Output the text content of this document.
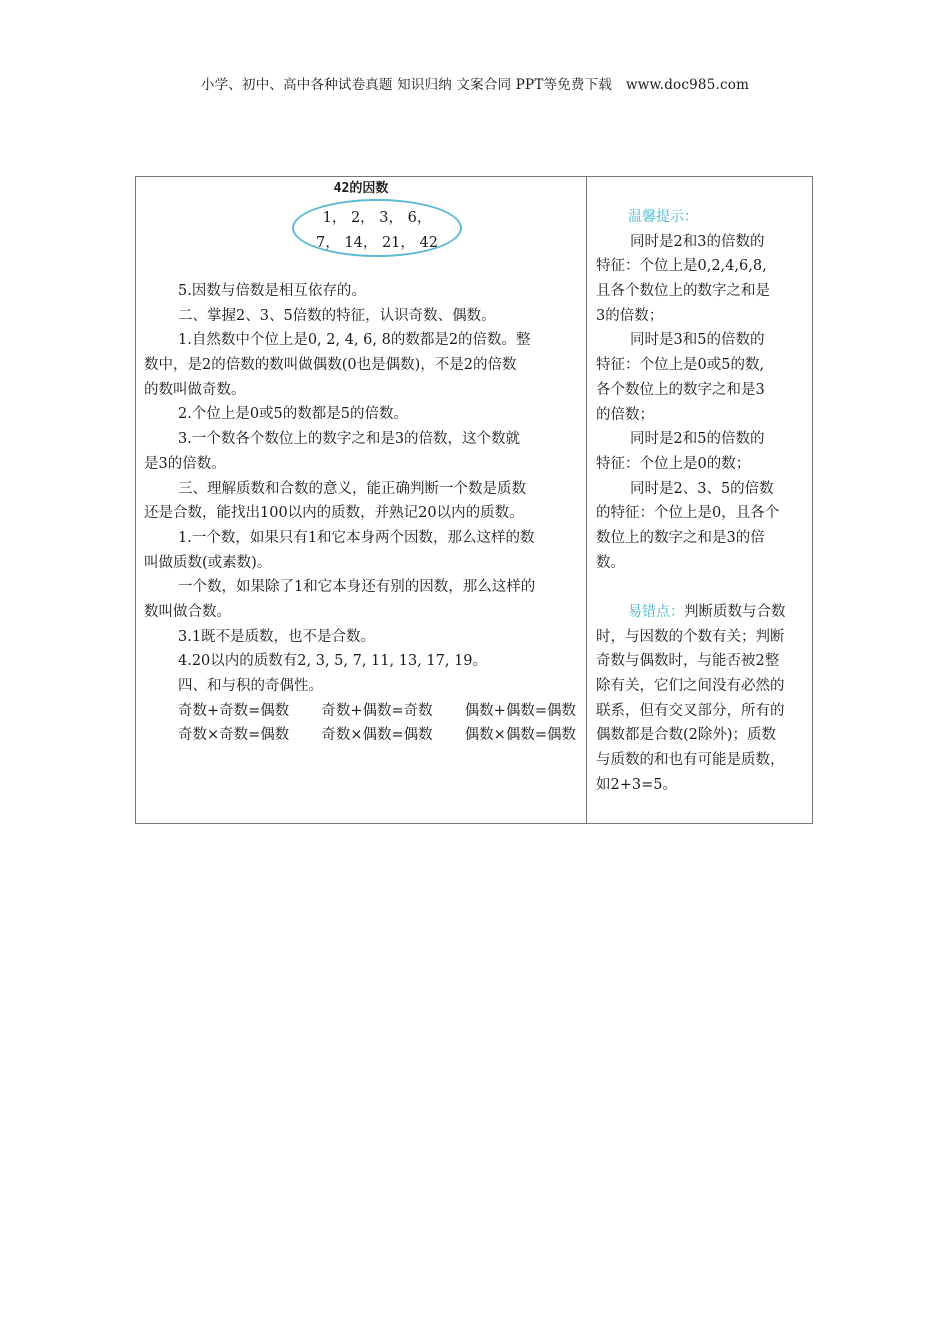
小学、初中、高中各种试卷真题 知识归纳 文案合同 PPT等免费下载 www.doc985.com
42的因数
1， 2， 3， 6，
7， 14， 21， 42
5.因数与倍数是相互依存的。
二、掌握2、3、5倍数的特征，认识奇数、偶数。
1.自然数中个位上是0, 2, 4, 6, 8的数都是2的倍数。整
数中，是2的倍数的数叫做偶数(0也是偶数)，不是2的倍数
的数叫做奇数。
2.个位上是0或5的数都是5的倍数。
3.一个数各个数位上的数字之和是3的倍数，这个数就
是3的倍数。
三、理解质数和合数的意义，能正确判断一个数是质数
还是合数，能找出100以内的质数，并熟记20以内的质数。
1.一个数，如果只有1和它本身两个因数，那么这样的数
叫做质数(或素数)。
一个数，如果除了1和它本身还有别的因数，那么这样的
数叫做合数。
3.1既不是质数，也不是合数。
4.20以内的质数有2, 3, 5, 7, 11, 13, 17, 19。
四、和与积的奇偶性。
奇数+奇数=偶数 奇数+偶数=奇数 偶数+偶数=偶数
奇数×奇数=偶数 奇数×偶数=偶数 偶数×偶数=偶数
温馨提示：
同时是2和3的倍数的
特征：个位上是0,2,4,6,8,
且各个数位上的数字之和是
3的倍数；
同时是3和5的倍数的
特征：个位上是0或5的数,
各个数位上的数字之和是3
的倍数；
同时是2和5的倍数的
特征：个位上是0的数；
同时是2、3、5的倍数
的特征：个位上是0，且各个
数位上的数字之和是3的倍
数。
易错点：判断质数与合数
时，与因数的个数有关；判断
奇数与偶数时，与能否被2整
除有关，它们之间没有必然的
联系，但有交叉部分，所有的
偶数都是合数(2除外)；质数
与质数的和也有可能是质数，
如2+3=5。
